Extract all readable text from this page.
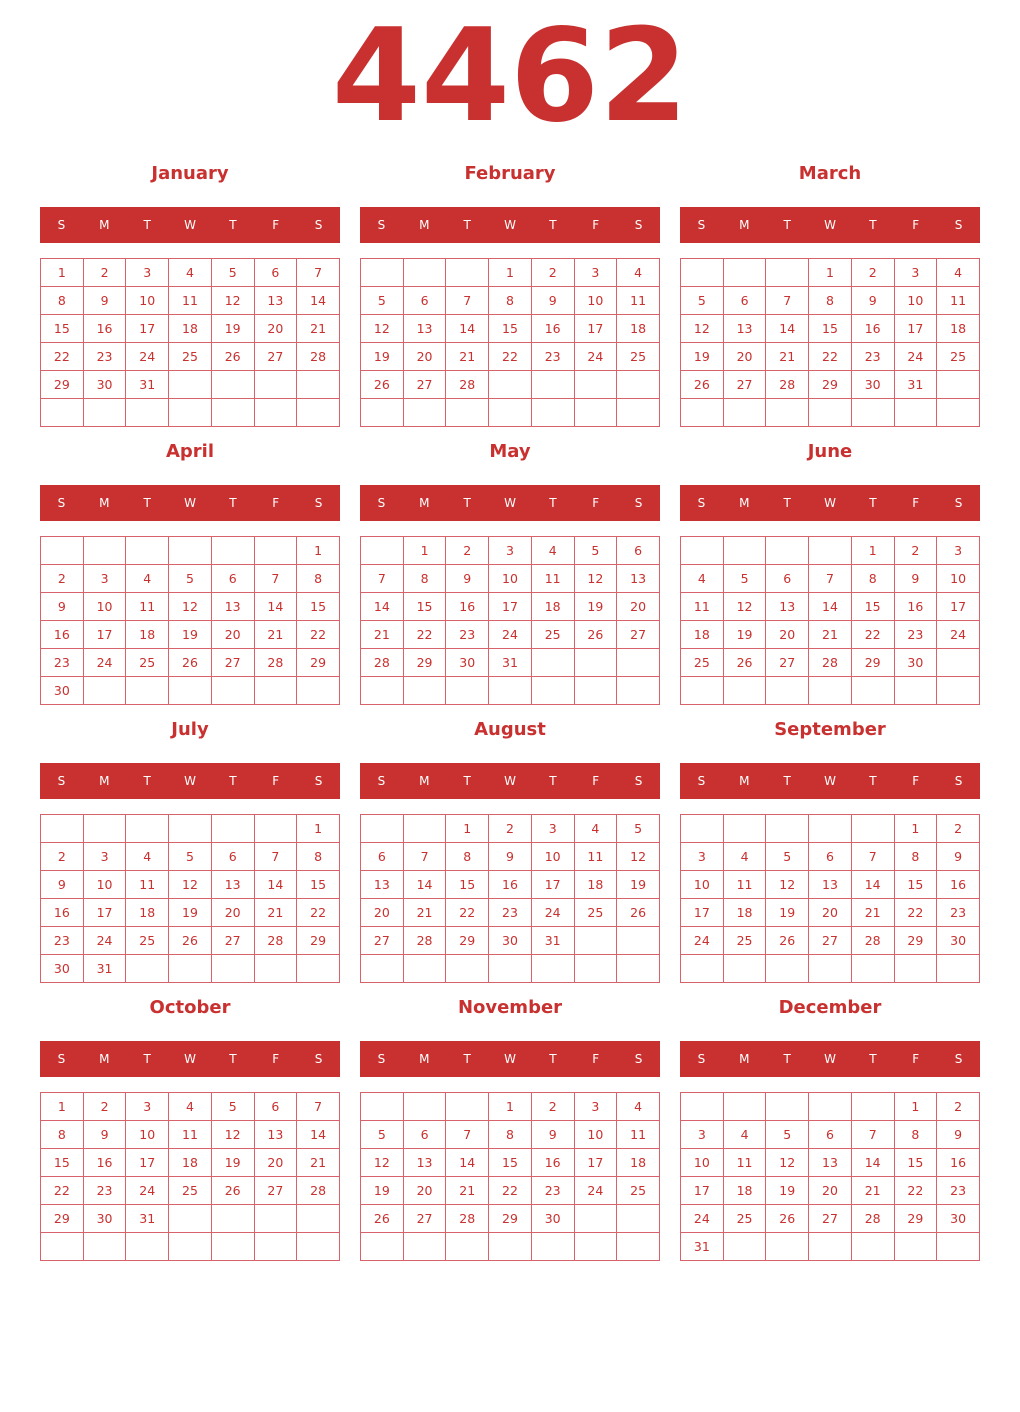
4462
January
S	M	T	W	T	F	S
1	2	3	4	5	6	7
8	9	10	11	12	13	14
15	16	17	18	19	20	21
22	23	24	25	26	27	28
29	30	31				

February
S	M	T	W	T	F	S
			1	2	3	4
5	6	7	8	9	10	11
12	13	14	15	16	17	18
19	20	21	22	23	24	25
26	27	28				

March
S	M	T	W	T	F	S
			1	2	3	4
5	6	7	8	9	10	11
12	13	14	15	16	17	18
19	20	21	22	23	24	25
26	27	28	29	30	31	

April
S	M	T	W	T	F	S
						1
2	3	4	5	6	7	8
9	10	11	12	13	14	15
16	17	18	19	20	21	22
23	24	25	26	27	28	29
30						
May
S	M	T	W	T	F	S
	1	2	3	4	5	6
7	8	9	10	11	12	13
14	15	16	17	18	19	20
21	22	23	24	25	26	27
28	29	30	31			

June
S	M	T	W	T	F	S
				1	2	3
4	5	6	7	8	9	10
11	12	13	14	15	16	17
18	19	20	21	22	23	24
25	26	27	28	29	30	

July
S	M	T	W	T	F	S
						1
2	3	4	5	6	7	8
9	10	11	12	13	14	15
16	17	18	19	20	21	22
23	24	25	26	27	28	29
30	31					
August
S	M	T	W	T	F	S
		1	2	3	4	5
6	7	8	9	10	11	12
13	14	15	16	17	18	19
20	21	22	23	24	25	26
27	28	29	30	31		

September
S	M	T	W	T	F	S
					1	2
3	4	5	6	7	8	9
10	11	12	13	14	15	16
17	18	19	20	21	22	23
24	25	26	27	28	29	30

October
S	M	T	W	T	F	S
1	2	3	4	5	6	7
8	9	10	11	12	13	14
15	16	17	18	19	20	21
22	23	24	25	26	27	28
29	30	31				

November
S	M	T	W	T	F	S
			1	2	3	4
5	6	7	8	9	10	11
12	13	14	15	16	17	18
19	20	21	22	23	24	25
26	27	28	29	30		

December
S	M	T	W	T	F	S
					1	2
3	4	5	6	7	8	9
10	11	12	13	14	15	16
17	18	19	20	21	22	23
24	25	26	27	28	29	30
31						
